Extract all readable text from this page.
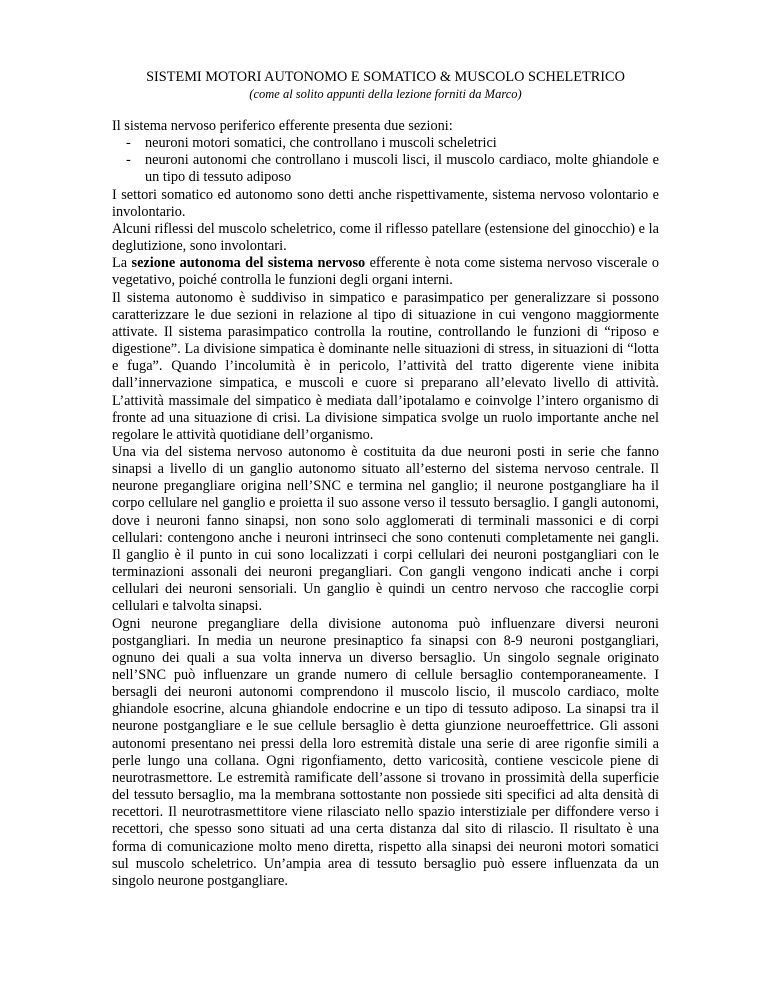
SISTEMI MOTORI AUTONOMO E SOMATICO & MUSCOLO SCHELETRICO
(come al solito appunti della lezione forniti da Marco)

Il sistema nervoso periferico efferente presenta due sezioni:

- neuroni motori somatici, che controllano i muscoli scheletrici
- neuroni autonomi che controllano i muscoli lisci, il muscolo cardiaco, molte ghiandole e un tipo di tessuto adiposo

I settori somatico ed autonomo sono detti anche rispettivamente, sistema nervoso volontario e involontario.

Alcuni riflessi del muscolo scheletrico, come il riflesso patellare (estensione del ginocchio) e la deglutizione, sono involontari.

La sezione autonoma del sistema nervoso efferente è nota come sistema nervoso viscerale o vegetativo, poiché controlla le funzioni degli organi interni.

Il sistema autonomo è suddiviso in simpatico e parasimpatico per generalizzare si possono caratterizzare le due sezioni in relazione al tipo di situazione in cui vengono maggiormente attivate. Il sistema parasimpatico controlla la routine, controllando le funzioni di “riposo e digestione”. La divisione simpatica è dominante nelle situazioni di stress, in situazioni di “lotta e fuga”. Quando l’incolumità è in pericolo, l’attività del tratto digerente viene inibita dall’innervazione simpatica, e muscoli e cuore si preparano all’elevato livello di attività. L’attività massimale del simpatico è mediata dall’ipotalamo e coinvolge l’intero organismo di fronte ad una situazione di crisi. La divisione simpatica svolge un ruolo importante anche nel regolare le attività quotidiane dell’organismo.

Una via del sistema nervoso autonomo è costituita da due neuroni posti in serie che fanno sinapsi a livello di un ganglio autonomo situato all’esterno del sistema nervoso centrale. Il neurone pregangliare origina nell’SNC e termina nel ganglio; il neurone postgangliare ha il corpo cellulare nel ganglio e proietta il suo assone verso il tessuto bersaglio. I gangli autonomi, dove i neuroni fanno sinapsi, non sono solo agglomerati di terminali massonici e di corpi cellulari: contengono anche i neuroni intrinseci che sono contenuti completamente nei gangli. Il ganglio è il punto in cui sono localizzati i corpi cellulari dei neuroni postgangliari con le terminazioni assonali dei neuroni pregangliari. Con gangli vengono indicati anche i corpi cellulari dei neuroni sensoriali. Un ganglio è quindi un centro nervoso che raccoglie corpi cellulari e talvolta sinapsi.

Ogni neurone pregangliare della divisione autonoma può influenzare diversi neuroni postgangliari. In media un neurone presinaptico fa sinapsi con 8-9 neuroni postgangliari, ognuno dei quali a sua volta innerva un diverso bersaglio. Un singolo segnale originato nell’SNC può influenzare un grande numero di cellule bersaglio contemporaneamente. I bersagli dei neuroni autonomi comprendono il muscolo liscio, il muscolo cardiaco, molte ghiandole esocrine, alcuna ghiandole endocrine e un tipo di tessuto adiposo. La sinapsi tra il neurone postgangliare e le sue cellule bersaglio è detta giunzione neuroeffettrice. Gli assoni autonomi presentano nei pressi della loro estremità distale una serie di aree rigonfie simili a perle lungo una collana. Ogni rigonfiamento, detto varicosità, contiene vescicole piene di neurotrasmettore. Le estremità ramificate dell’assone si trovano in prossimità della superficie del tessuto bersaglio, ma la membrana sottostante non possiede siti specifici ad alta densità di recettori. Il neurotrasmettitore viene rilasciato nello spazio interstiziale per diffondere verso i recettori, che spesso sono situati ad una certa distanza dal sito di rilascio. Il risultato è una forma di comunicazione molto meno diretta, rispetto alla sinapsi dei neuroni motori somatici sul muscolo scheletrico. Un’ampia area di tessuto bersaglio può essere influenzata da un singolo neurone postgangliare.
